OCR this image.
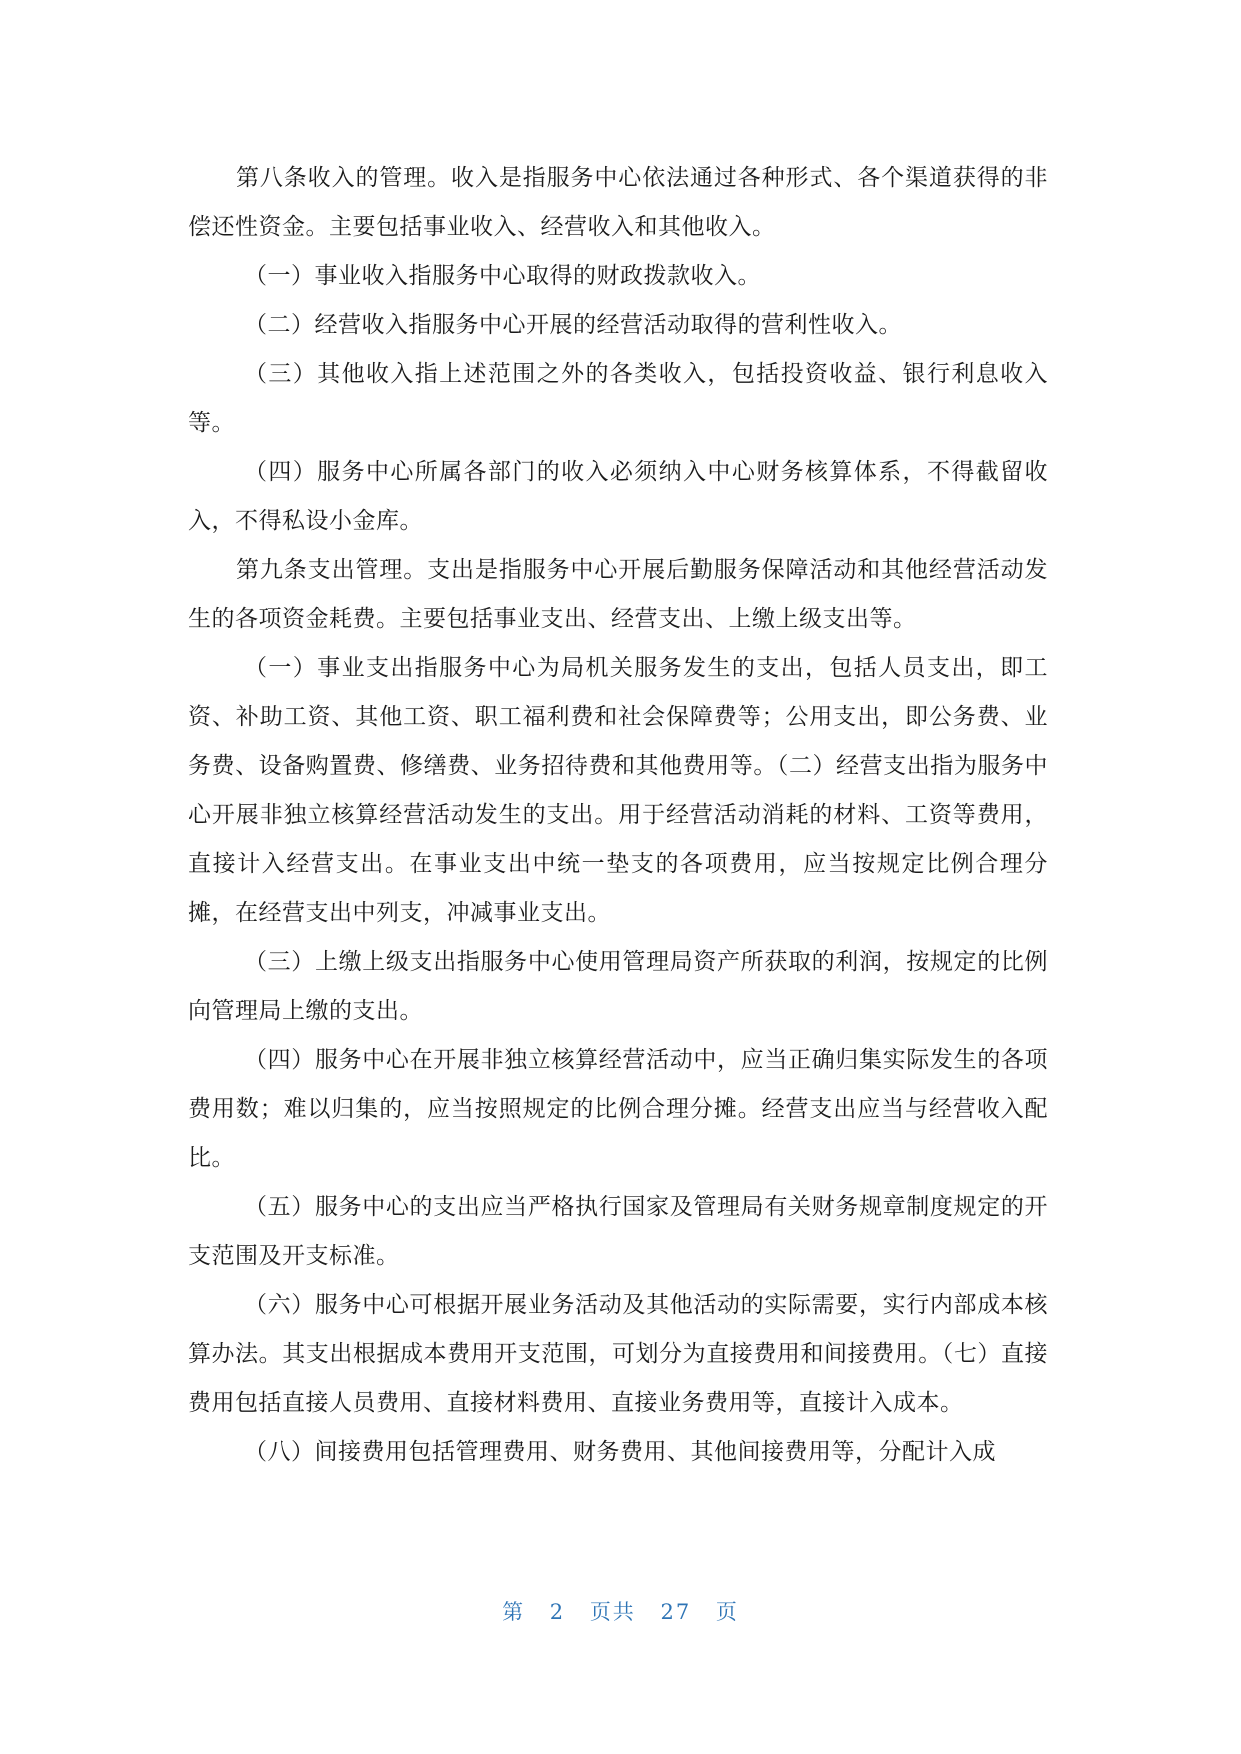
第八条收入的管理。收入是指服务中心依法通过各种形式、各个渠道获得的非偿还性资金。主要包括事业收入、经营收入和其他收入。

（一）事业收入指服务中心取得的财政拨款收入。

（二）经营收入指服务中心开展的经营活动取得的营利性收入。

（三）其他收入指上述范围之外的各类收入，包括投资收益、银行利息收入等。

（四）服务中心所属各部门的收入必须纳入中心财务核算体系，不得截留收入，不得私设小金库。

第九条支出管理。支出是指服务中心开展后勤服务保障活动和其他经营活动发生的各项资金耗费。主要包括事业支出、经营支出、上缴上级支出等。

（一）事业支出指服务中心为局机关服务发生的支出，包括人员支出，即工资、补助工资、其他工资、职工福利费和社会保障费等；公用支出，即公务费、业务费、设备购置费、修缮费、业务招待费和其他费用等。（二）经营支出指为服务中心开展非独立核算经营活动发生的支出。用于经营活动消耗的材料、工资等费用，直接计入经营支出。在事业支出中统一垫支的各项费用，应当按规定比例合理分摊，在经营支出中列支，冲减事业支出。

（三）上缴上级支出指服务中心使用管理局资产所获取的利润，按规定的比例向管理局上缴的支出。

（四）服务中心在开展非独立核算经营活动中，应当正确归集实际发生的各项费用数；难以归集的，应当按照规定的比例合理分摊。经营支出应当与经营收入配比。

（五）服务中心的支出应当严格执行国家及管理局有关财务规章制度规定的开支范围及开支标准。

（六）服务中心可根据开展业务活动及其他活动的实际需要，实行内部成本核算办法。其支出根据成本费用开支范围，可划分为直接费用和间接费用。（七）直接费用包括直接人员费用、直接材料费用、直接业务费用等，直接计入成本。

（八）间接费用包括管理费用、财务费用、其他间接费用等，分配计入成

第 2 页共 27 页
